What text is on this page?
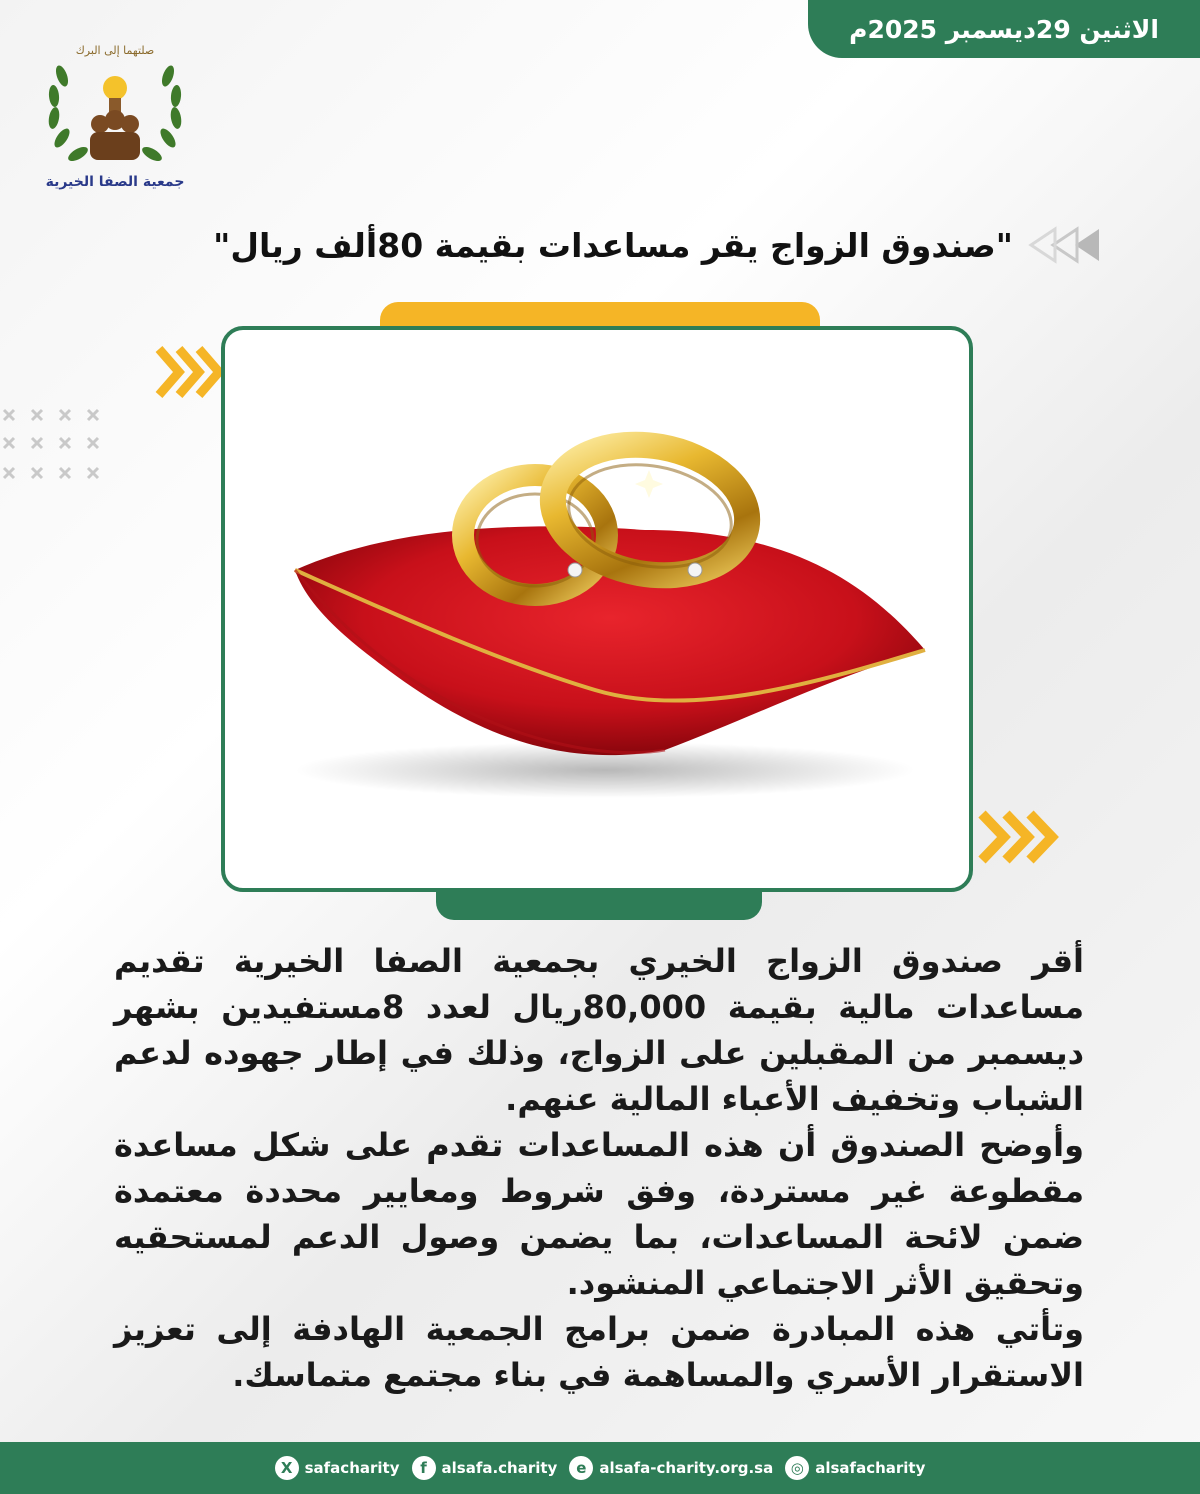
الاثنين 29ديسمبر 2025م
صلتهما إلى البرك
جمعية الصفا الخيرية
"صندوق الزواج يقر مساعدات بقيمة 80ألف ريال"

أقر صندوق الزواج الخيري بجمعية الصفا الخيرية تقديم مساعدات مالية بقيمة 80,000ريال لعدد 8مستفيدين بشهر ديسمبر من المقبلين على الزواج، وذلك في إطار جهوده لدعم الشباب وتخفيف الأعباء المالية عنهم.

وأوضح الصندوق أن هذه المساعدات تقدم على شكل مساعدة مقطوعة غير مستردة، وفق شروط ومعايير محددة معتمدة ضمن لائحة المساعدات، بما يضمن وصول الدعم لمستحقيه وتحقيق الأثر الاجتماعي المنشود.

وتأتي هذه المبادرة ضمن برامج الجمعية الهادفة إلى تعزيز الاستقرار الأسري والمساهمة في بناء مجتمع متماسك.

X safacharity	f alsafa.charity	e alsafa-charity.org.sa	◎ alsafacharity
